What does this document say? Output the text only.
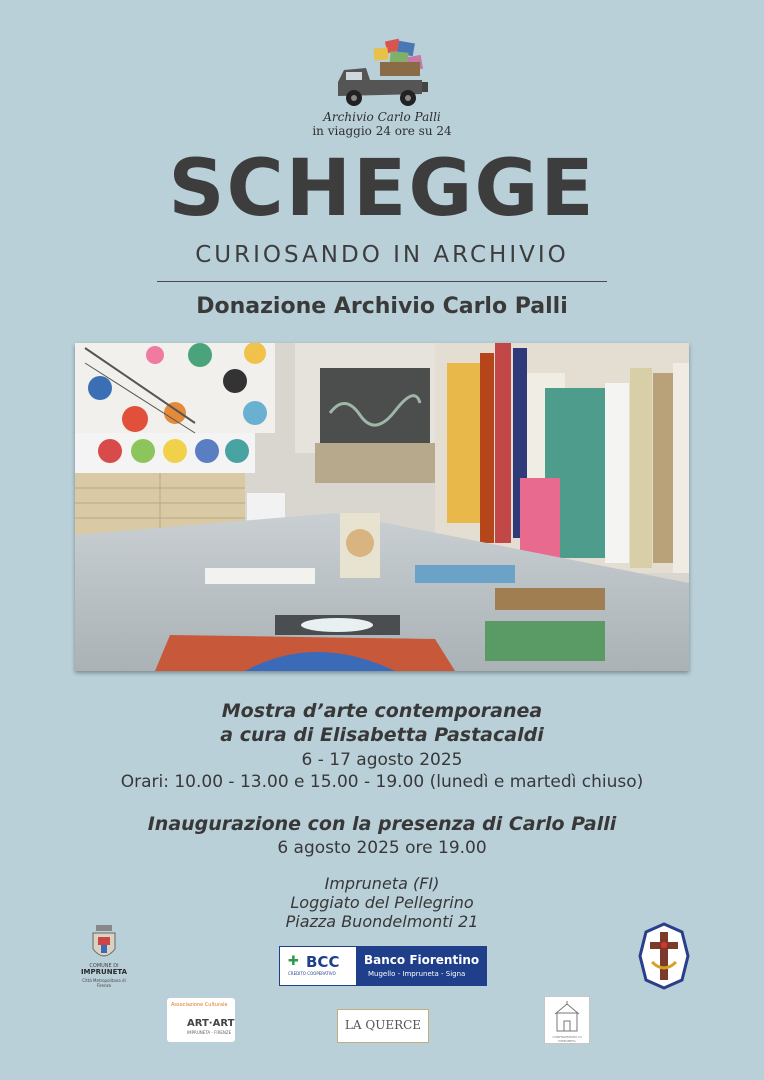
Archivio Carlo Palli
in viaggio 24 ore su 24
SCHEGGE
CURIOSANDO IN ARCHIVIO
Donazione Archivio Carlo Palli
Mostra d’arte contemporanea
a cura di Elisabetta Pastacaldi
6 - 17 agosto 2025
Orari: 10.00 - 13.00 e 15.00 - 19.00 (lunedì e martedì chiuso)
Inaugurazione con la presenza di Carlo Palli
6 agosto 2025 ore 19.00
Impruneta (FI)
Loggiato del Pellegrino
Piazza Buondelmonti 21
COMUNE DI
IMPRUNETA
Città Metropolitana di Firenze
✚ BCC
CREDITO COOPERATIVO
Banco Fiorentino
Mugello - Impruneta - Signa
Associazione Culturale
ART·ART
IMPRUNETA - FIRENZE
LA QUERCE
CONFRATERNITA DI IMPRUNETA
